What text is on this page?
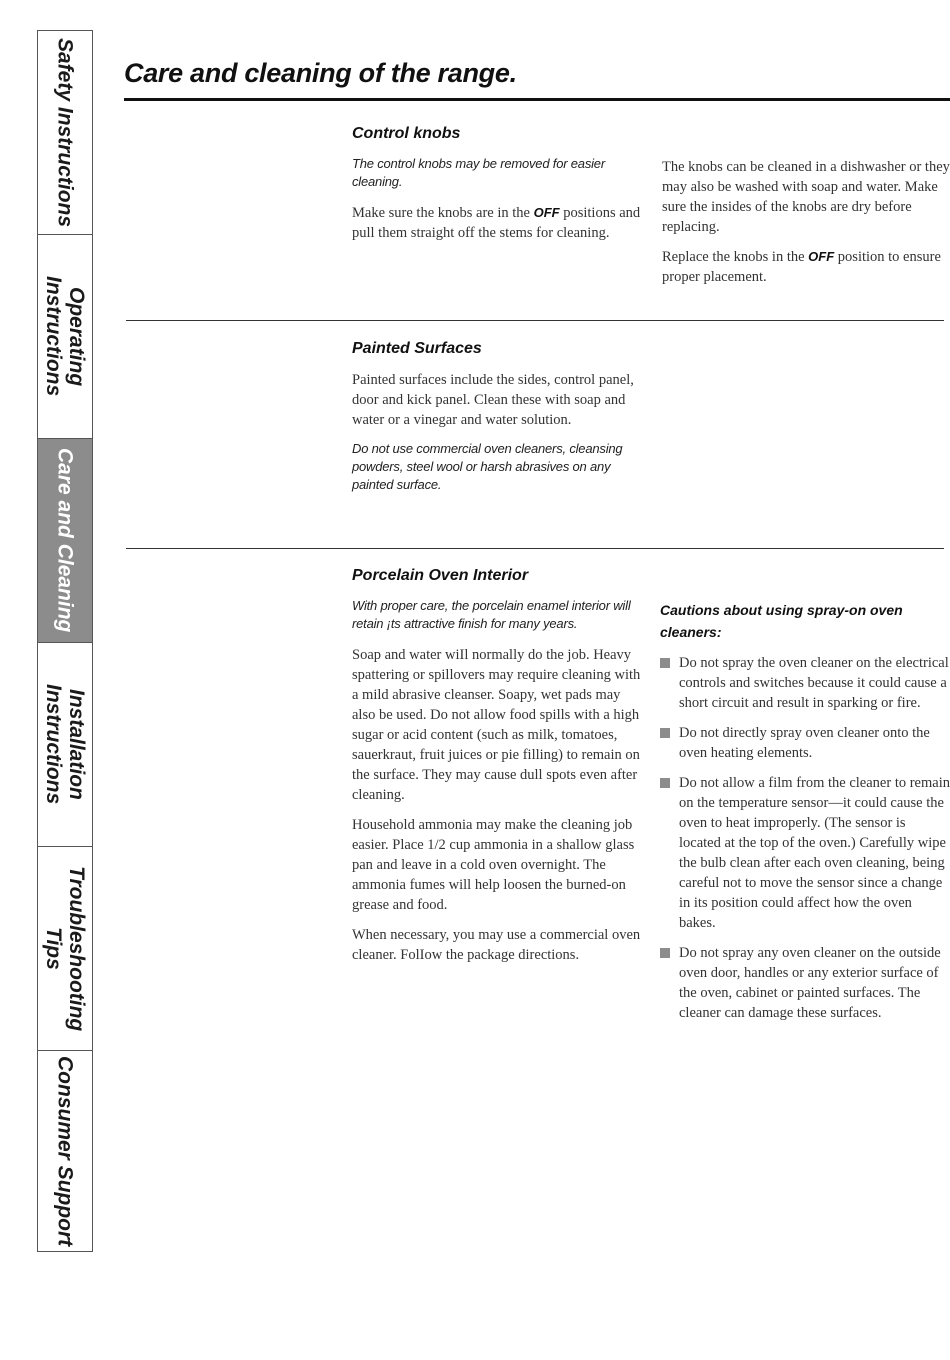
Safety Instructions
Operating
Instructions
Care and Cleaning
Installation
Instructions
Troubleshooting Tips
Consumer Support
Care and cleaning of the range.
Control knobs

The control knobs may be removed for easier cleaning.

Make sure the knobs are in the OFF positions and pull them straight off the stems for cleaning.

The knobs can be cleaned in a dishwasher or they may also be washed with soap and water. Make sure the insides of the knobs are dry before replacing.

Replace the knobs in the OFF position to ensure proper placement.

Painted Surfaces

Painted surfaces include the sides, control panel, door and kick panel. Clean these with soap and water or a vinegar and water solution.

Do not use commercial oven cleaners, cleansing powders, steel wool or harsh abrasives on any painted surface.

Porcelain Oven Interior

With proper care, the porcelain enamel interior will retain ¡ts attractive finish for many years.

Soap and water wiIl normally do the job. Heavy spattering or spillovers may require cleaning with a mild abrasive cleanser. Soapy, wet pads may also be used. Do not allow food spills with a high sugar or acid content (such as milk, tomatoes, sauerkraut, fruit juices or pie filling) to remain on the surface. They may cause dull spots even after cleaning.

Household ammonia may make the cleaning job easier. Place 1/2 cup ammonia in a shallow glass pan and leave in a cold oven overnight. The ammonia fumes will help loosen the burned-on grease and food.

When necessary, you may use a commercial oven cleaner. FolIow the package directions.

Cautions about using spray-on oven cleaners:
Do not spray the oven cleaner on the electrical controls and switches because it could cause a short circuit and result in sparking or fire.
Do not directly spray oven cleaner onto the oven heating elements.
Do not allow a film from the cleaner to remain on the temperature sensor—it could cause the oven to heat improperly. (The sensor is located at the top of the oven.) Carefully wipe the bulb clean after each oven cleaning, being careful not to move the sensor since a change in its position could affect how the oven bakes.
Do not spray any oven cleaner on the outside oven door, handles or any exterior surface of the oven, cabinet or painted surfaces. The cleaner can damage these surfaces.
